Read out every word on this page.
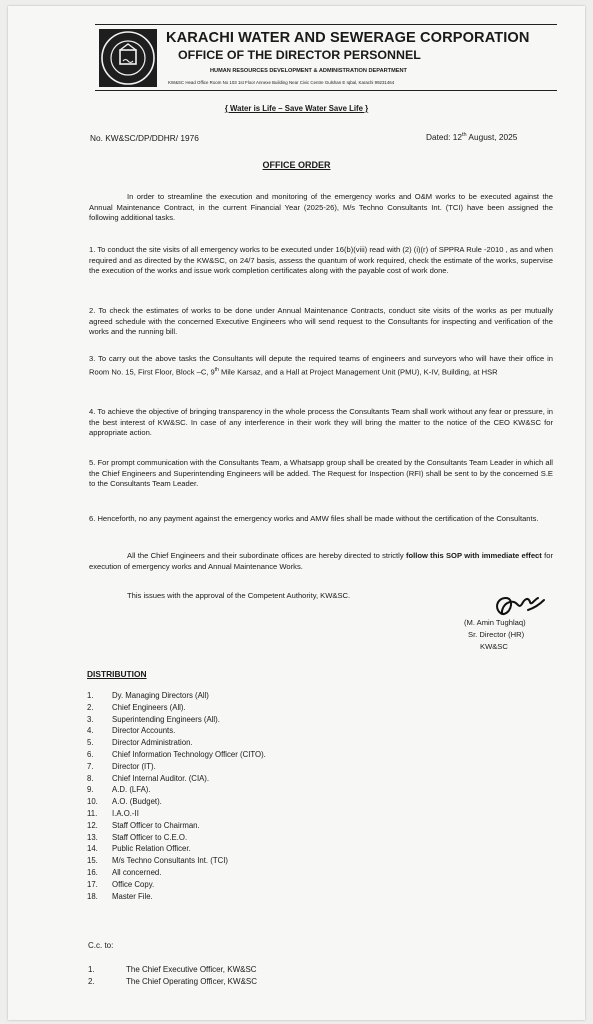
KARACHI WATER AND SEWERAGE CORPORATION
OFFICE OF THE DIRECTOR PERSONNEL
HUMAN RESOURCES DEVELOPMENT & ADMINISTRATION DEPARTMENT
KW&SC Head Office Room No 103 1st Floor Annexe Building Near Civic Centre Gulshan E Iqbal, Karachi 99231464
{ Water is Life – Save Water Save Life }
No. KW&SC/DP/DDHR/ 1976	Dated: 12th August, 2025
OFFICE ORDER
In order to streamline the execution and monitoring of the emergency works and O&M works to be executed against the Annual Maintenance Contract, in the current Financial Year (2025-26), M/s Techno Consultants Int. (TCI) have been assigned the following additional tasks.
1. To conduct the site visits of all emergency works to be executed under 16(b)(viii) read with (2) (i)(r) of SPPRA Rule -2010 , as and when required and as directed by the KW&SC, on 24/7 basis, assess the quantum of work required, check the estimate of the works, supervise the execution of the works and issue work completion certificates along with the payable cost of work done.
2. To check the estimates of works to be done under Annual Maintenance Contracts, conduct site visits of the works as per mutually agreed schedule with the concerned Executive Engineers who will send request to the Consultants for inspecting and verification of the works and the running bill.
3. To carry out the above tasks the Consultants will depute the required teams of engineers and surveyors who will have their office in Room No. 15, First Floor, Block –C, 9th Mile Karsaz, and a Hall at Project Management Unit (PMU), K-IV, Building, at HSR
4. To achieve the objective of bringing transparency in the whole process the Consultants Team shall work without any fear or pressure, in the best interest of KW&SC. In case of any interference in their work they will bring the matter to the notice of the CEO KW&SC for appropriate action.
5. For prompt communication with the Consultants Team, a Whatsapp group shall be created by the Consultants Team Leader in which all the Chief Engineers and Superintending Engineers will be added. The Request for Inspection (RFI) shall be sent to by the concerned S.E to the Consultants Team Leader.
6. Henceforth, no any payment against the emergency works and AMW files shall be made without the certification of the Consultants.
All the Chief Engineers and their subordinate offices are hereby directed to strictly follow this SOP with immediate effect for execution of emergency works and Annual Maintenance Works.
This issues with the approval of the Competent Authority, KW&SC.
(M. Amin Tughlaq)
Sr. Director (HR)
KW&SC
DISTRIBUTION
1. Dy. Managing Directors (All)
2. Chief Engineers (All).
3. Superintending Engineers (All).
4. Director Accounts.
5. Director Administration.
6. Chief Information Technology Officer (CITO).
7. Director (IT).
8. Chief Internal Auditor. (CIA).
9. A.D. (LFA).
10. A.O. (Budget).
11. I.A.O.-II
12. Staff Officer to Chairman.
13. Staff Officer to C.E.O.
14. Public Relation Officer.
15. M/s Techno Consultants Int. (TCI)
16. All concerned.
17. Office Copy.
18. Master File.
C.c. to:
1.	The Chief Executive Officer, KW&SC
2.	The Chief Operating Officer, KW&SC
